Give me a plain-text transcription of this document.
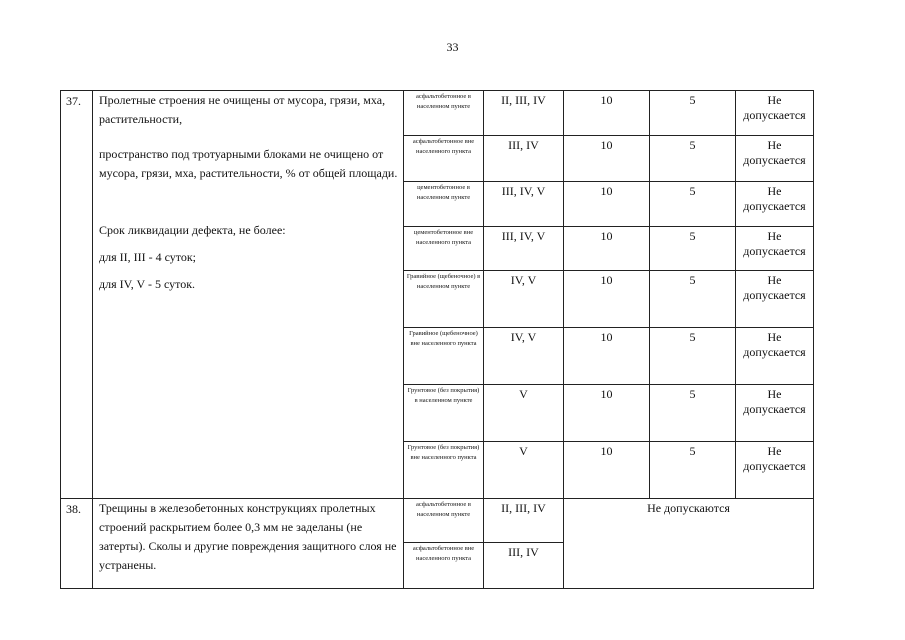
33
37.	Пролетные строения не очищены от мусора, грязи, мха, растительности,

пространство под тротуарными блоками не очищено от мусора, грязи, мха, растительности, % от общей площади.

Срок ликвидации дефекта, не более:

для II, III - 4 суток;

для IV, V - 5 суток.	асфальтобетонное в населенном пункте	II, III, IV	10	5	Не допускается
		асфальтобетонное вне населенного пункта	III, IV	10	5	Не допускается
		цементобетонное в населенном пункте	III, IV, V	10	5	Не допускается
		цементобетонное вне населенного пункта	III, IV, V	10	5	Не допускается
		Гравийное (щебеночное) в населенном пункте	IV, V	10	5	Не допускается
		Гравийное (щебеночное) вне населенного пункта	IV, V	10	5	Не допускается
		Грунтовое (без покрытия) в населенном пункте	V	10	5	Не допускается
		Грунтовое (без покрытия) вне населенного пункта	V	10	5	Не допускается
38.	Трещины в железобетонных конструкциях пролетных строений раскрытием более 0,3 мм не заделаны (не затерты). Сколы и другие повреждения защитного слоя не устранены.	асфальтобетонное в населенном пункте	II, III, IV	Не допускаются		
		асфальтобетонное вне населенного пункта	III, IV			
